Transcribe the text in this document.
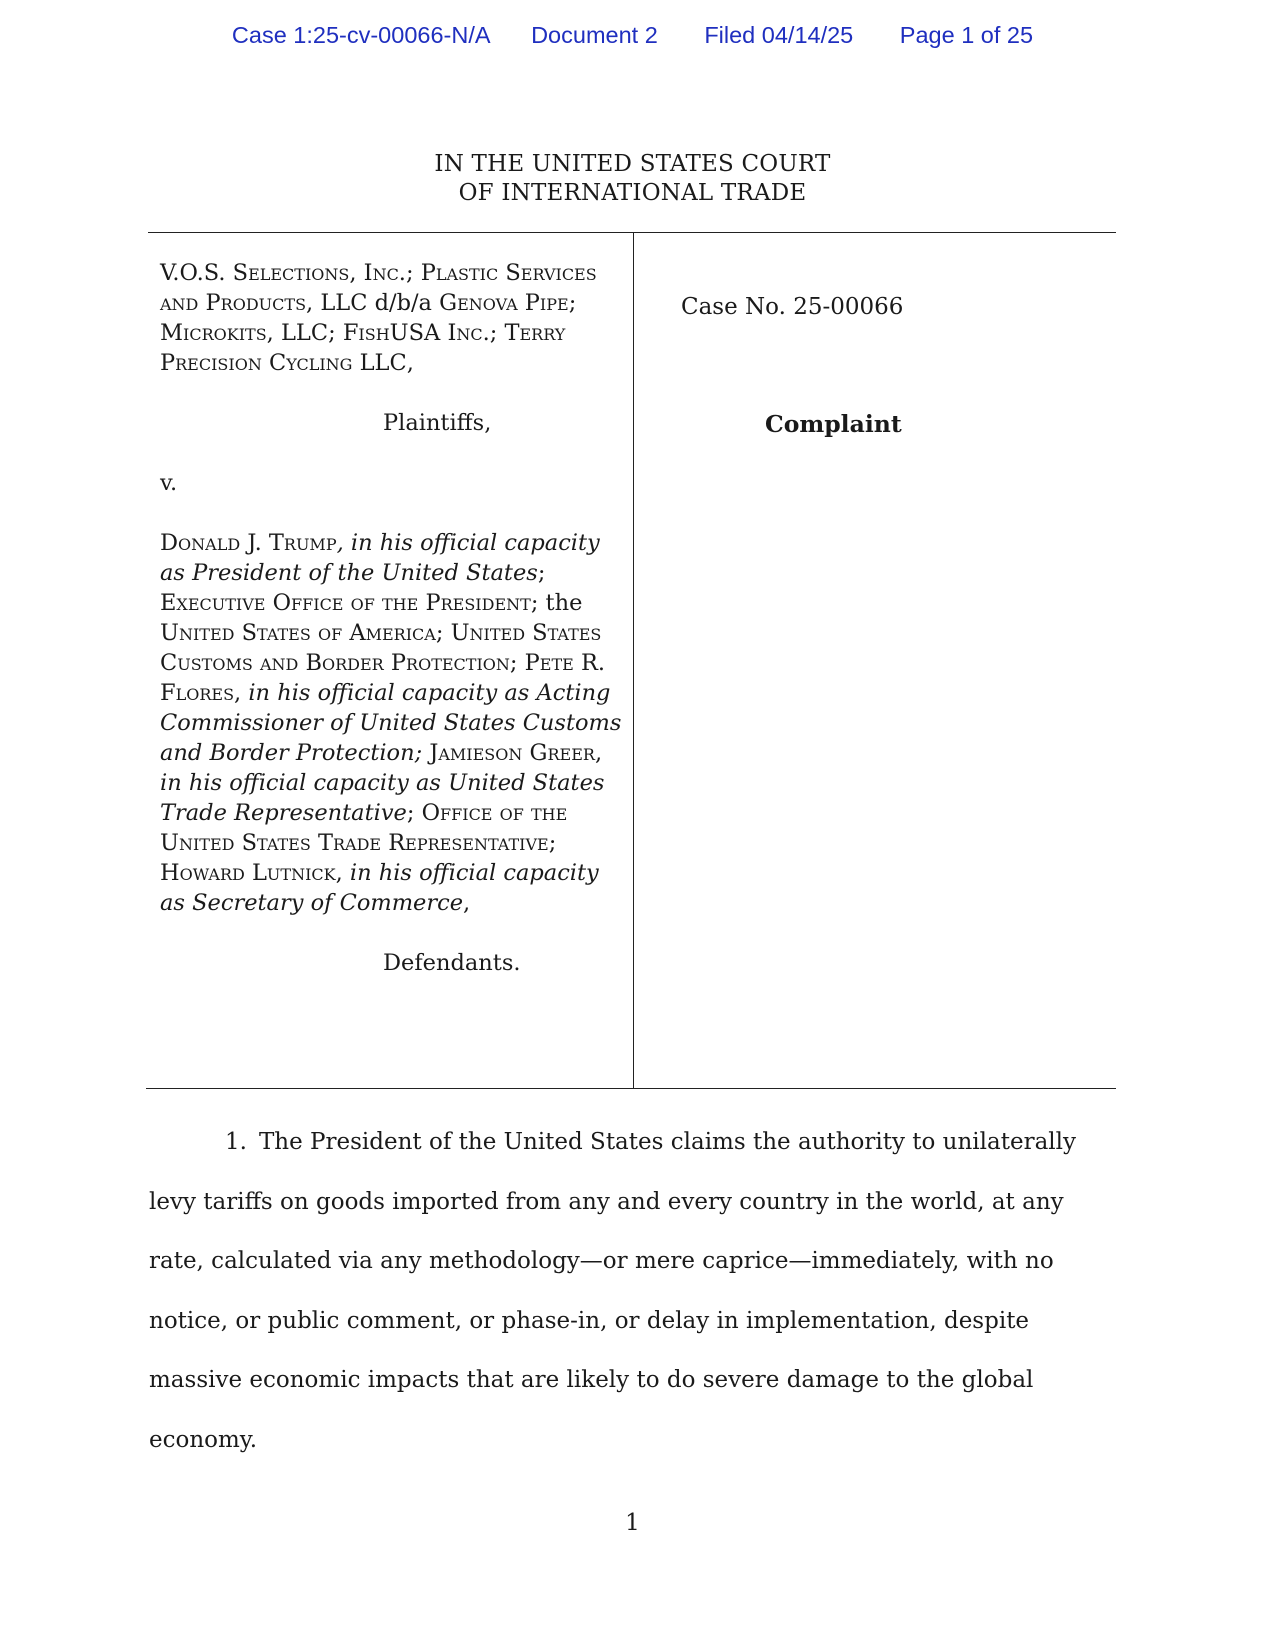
Case 1:25-cv-00066-N/A Document 2 Filed 04/14/25 Page 1 of 25
IN THE UNITED STATES COURT
OF INTERNATIONAL TRADE
V.O.S. Selections, Inc.; Plastic Services and Products, LLC d/b/a Genova Pipe; Microkits, LLC; FishUSA Inc.; Terry Precision Cycling LLC,
Plaintiffs,
v.
Donald J. Trump, in his official capacity as President of the United States; Executive Office of the President; the United States of America; United States Customs and Border Protection; Pete R. Flores, in his official capacity as Acting Commissioner of United States Customs and Border Protection; Jamieson Greer, in his official capacity as United States Trade Representative; Office of the United States Trade Representative; Howard Lutnick, in his official capacity as Secretary of Commerce,
Defendants.
Case No. 25-00066
Complaint

1. The President of the United States claims the authority to unilaterally levy tariffs on goods imported from any and every country in the world, at any rate, calculated via any methodology—or mere caprice—immediately, with no notice, or public comment, or phase-in, or delay in implementation, despite massive economic impacts that are likely to do severe damage to the global economy.

1
